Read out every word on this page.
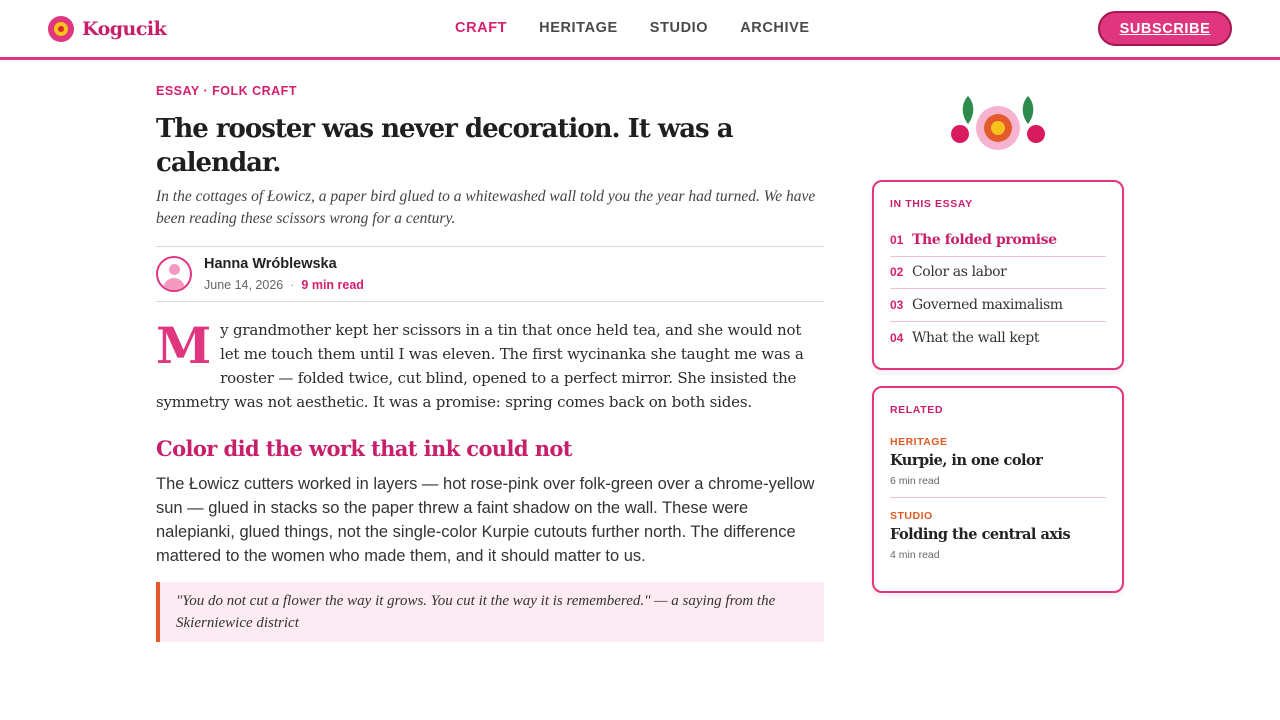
Kogucik	CRAFT HERITAGE STUDIO ARCHIVE	SUBSCRIBE
ESSAY · FOLK CRAFT
The rooster was never decoration. It was a calendar.

In the cottages of Łowicz, a paper bird glued to a whitewashed wall told you the year had turned. We have been reading these scissors wrong for a century.

Hanna Wróblewska
June 14, 2026 · 9 min read

M y grandmother kept her scissors in a tin that once held tea, and she would not let me touch them until I was eleven. The first wycinanka she taught me was a rooster — folded twice, cut blind, opened to a perfect mirror. She insisted the symmetry was not aesthetic. It was a promise: spring comes back on both sides.

Color did the work that ink could not

The Łowicz cutters worked in layers — hot rose-pink over folk-green over a chrome-yellow sun — glued in stacks so the paper threw a faint shadow on the wall. These were nalepianki, glued things, not the single-color Kurpie cutouts further north. The difference mattered to the women who made them, and it should matter to us.

"You do not cut a flower the way it grows. You cut it the way it is remembered." — a saying from the Skierniewice district
IN THIS ESSAY
01 The folded promise
02 Color as labor
03 Governed maximalism
04 What the wall kept
RELATED
HERITAGE
Kurpie, in one color
6 min read
STUDIO
Folding the central axis
4 min read
